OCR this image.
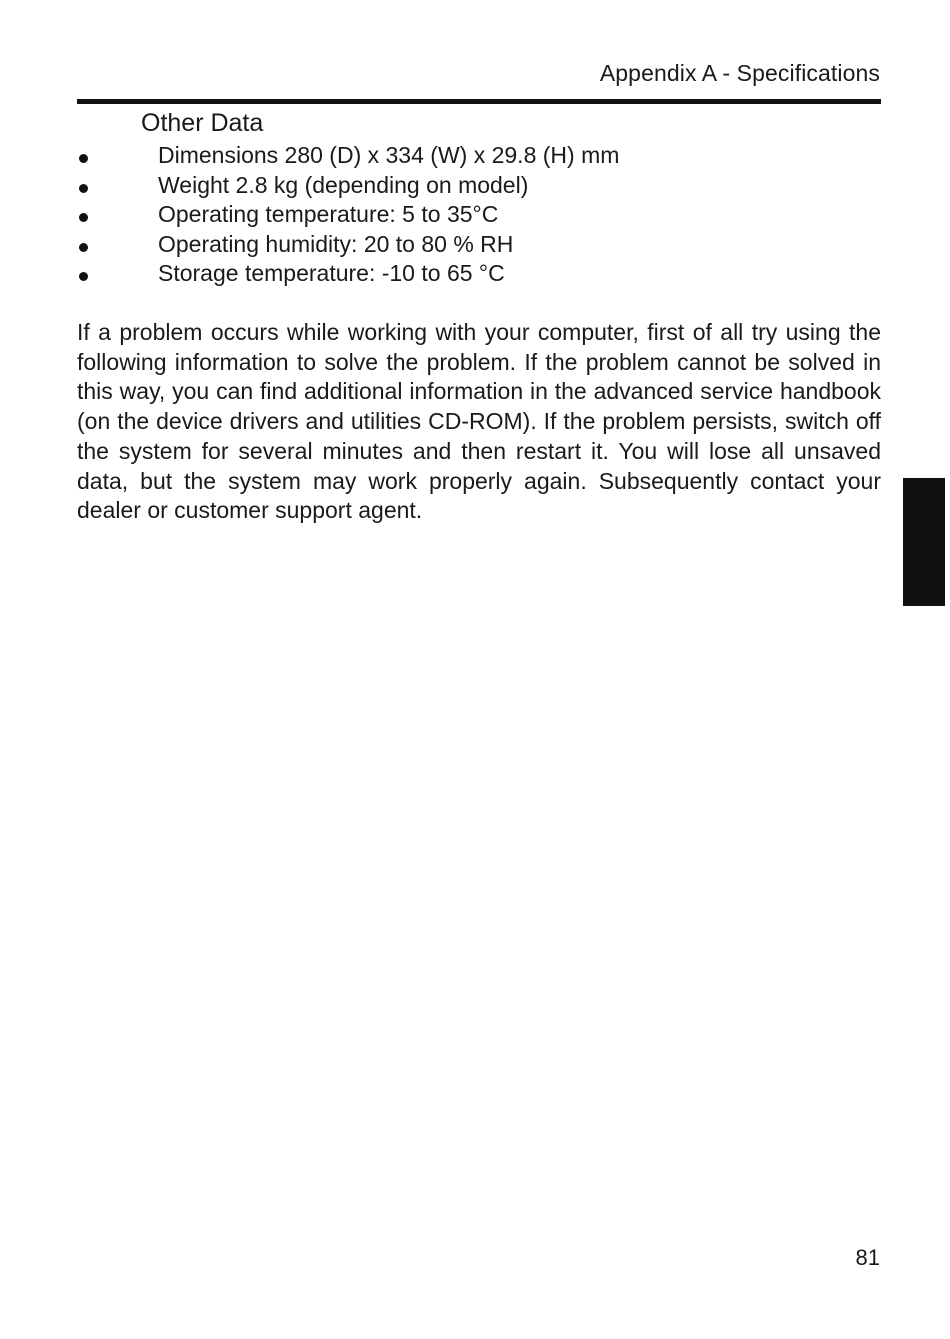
Appendix A - Specifications
Other Data
Dimensions 280 (D) x 334 (W) x 29.8 (H) mm
Weight 2.8 kg (depending on model)
Operating temperature: 5 to 35°C
Operating humidity: 20 to 80 % RH
Storage temperature: -10 to 65 °C

If a problem occurs while working with your computer, first of all try using the following information to solve the problem. If the problem cannot be solved in this way, you can find additional information in the advanced service handbook (on the device drivers and utilities CD-ROM). If the problem persists, switch off the system for several minutes and then restart it. You will lose all unsaved data, but the system may work properly again. Subsequently contact your dealer or customer support agent.

81
